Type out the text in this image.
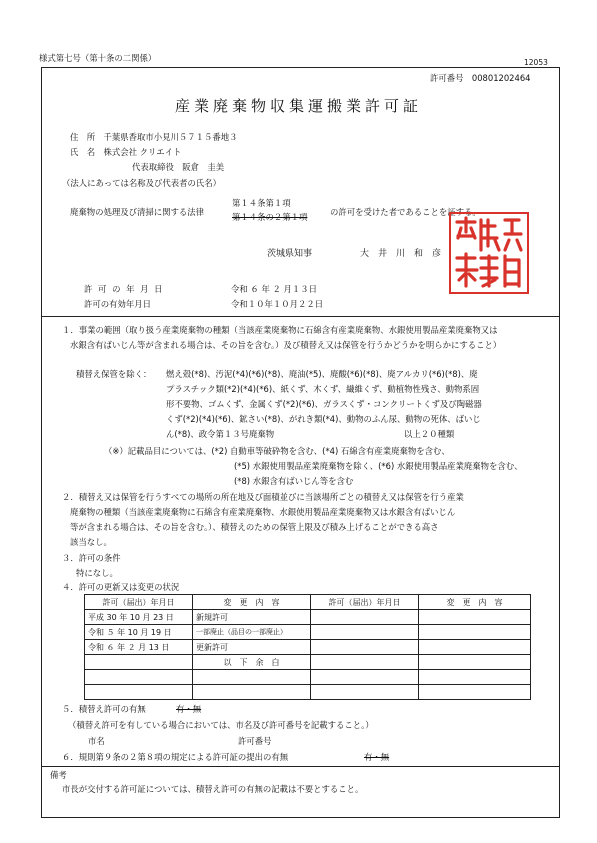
様式第七号（第十条の二関係）	12053
許可番号　 00801202464
産業廃棄物収集運搬業許可証
住　所　 千葉県香取市小見川５７１５番地３
氏　名　 株式会社 クリエイト
代表取締役　阪倉　圭美
（法人にあっては名称及び代表者の氏名）
廃棄物の処理及び清掃に関する法律
第１４条第１項
第１４条の２第１項	の許可を受けた者であることを証する。
茨城県知事	大　井　川　和　彦
許 可 の 年 月 日	令和 ６ 年 ２ 月１３日
許可の有効年月日	令和１０年１０月２２日
１．事業の範囲（取り扱う産業廃棄物の種類（当該産業廃棄物に石綿含有産業廃棄物、水銀使用製品産業廃棄物又は
水銀含有ばいじん等が含まれる場合は、その旨を含む。）及び積替え又は保管を行うかどうかを明らかにすること）
積替え保管を除く： 燃え殻(*8)、汚泥(*4)(*6)(*8)、廃油(*5)、廃酸(*6)(*8)、廃アルカリ(*6)(*8)、廃
プラスチック類(*2)(*4)(*6)、紙くず、木くず、繊維くず、動植物性残さ、動物系固
形不要物、ゴムくず、金属くず(*2)(*6)、ガラスくず・コンクリートくず及び陶磁器
くず(*2)(*4)(*6)、鉱さい(*8)、がれき類(*4)、動物のふん尿、動物の死体、ばいじ
ん(*8)、政令第１３号廃棄物	以上２０種類
（※）記載品目については、(*2) 自動車等破砕物を含む、(*4) 石綿含有産業廃棄物を含む、
(*5) 水銀使用製品産業廃棄物を除く、(*6) 水銀使用製品産業廃棄物を含む、
(*8) 水銀含有ばいじん等を含む
２．積替え又は保管を行うすべての場所の所在地及び面積並びに当該場所ごとの積替え又は保管を行う産業
廃棄物の種類（当該産業廃棄物に石綿含有産業廃棄物、水銀使用製品産業廃棄物又は水銀含有ばいじん
等が含まれる場合は、その旨を含む。）、積替えのための保管上限及び積み上げることができる高さ
該当なし。
３．許可の条件
特になし。
４．許可の更新又は変更の状況
許可（届出）年月日	変　更　内　容	許可（届出）年月日	変　更　内　容
平成 30 年 10 月 23 日	新規許可		
令和 ５ 年 10 月 19 日	一部廃止（品目の一部廃止）		
令和 ６ 年 ２ 月 13 日	更新許可		
	以　下　余　白		

５．積替え許可の有無	有・無
（積替え許可を有している場合においては、市名及び許可番号を記載すること。）
市名	許可番号
６．規則第９条の２第８項の規定による許可証の提出の有無	有・無
備考
市長が交付する許可証については、積替え許可の有無の記載は不要とすること。
